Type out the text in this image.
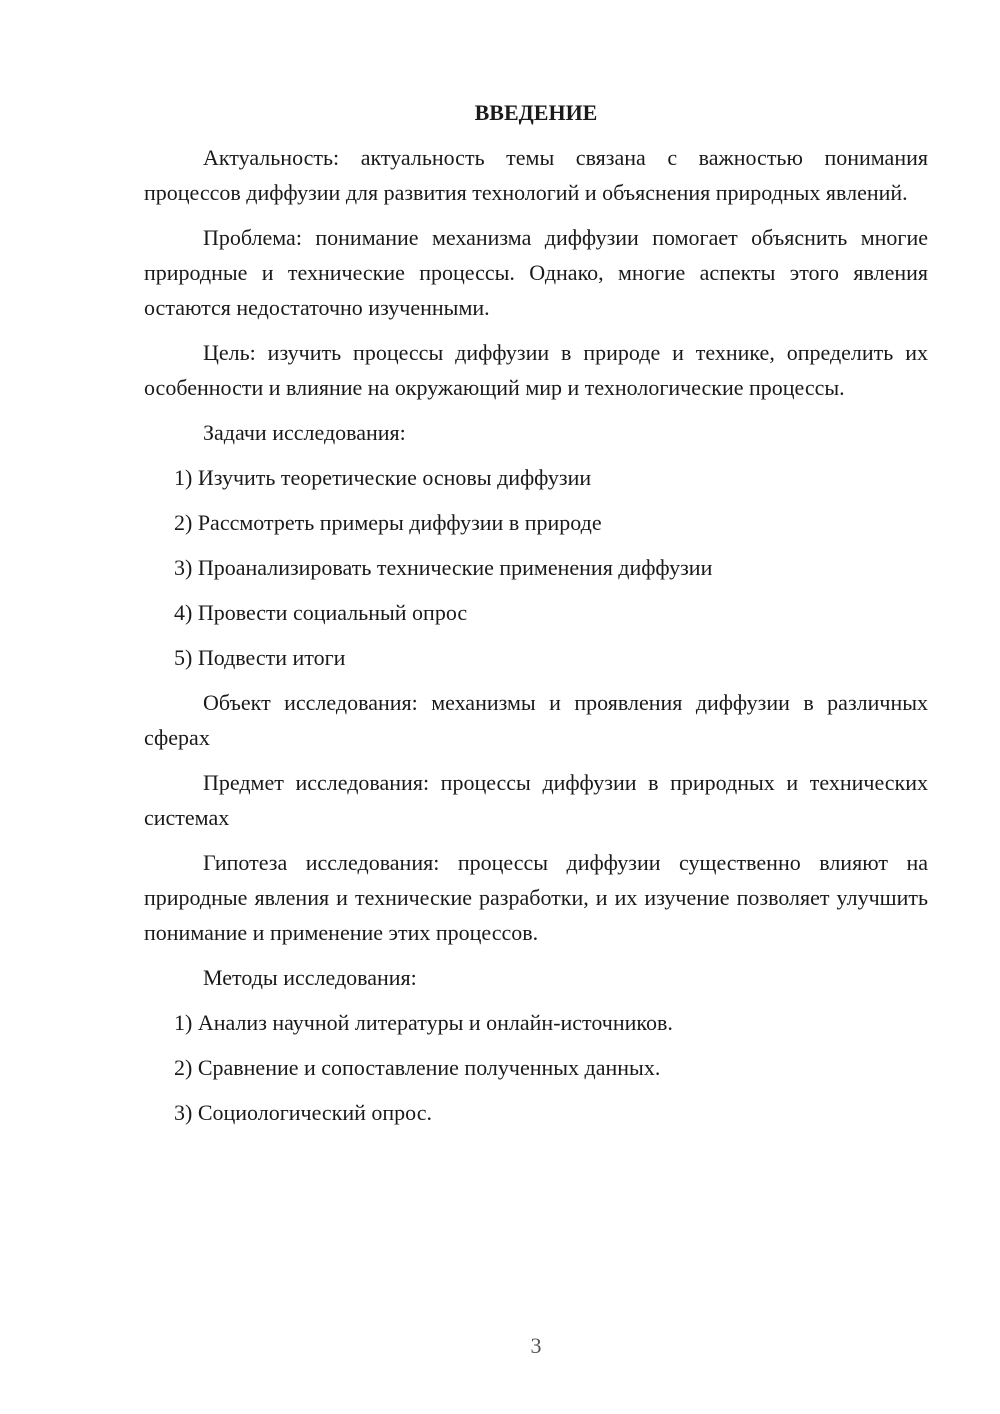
ВВЕДЕНИЕ

Актуальность: актуальность темы связана с важностью понимания процессов диффузии для развития технологий и объяснения природных явлений.

Проблема: понимание механизма диффузии помогает объяснить многие природные и технические процессы. Однако, многие аспекты этого явления остаются недостаточно изученными.

Цель: изучить процессы диффузии в природе и технике, определить их особенности и влияние на окружающий мир и технологические процессы.

Задачи исследования:

1) Изучить теоретические основы диффузии

2) Рассмотреть примеры диффузии в природе

3) Проанализировать технические применения диффузии

4) Провести социальный опрос

5) Подвести итоги

Объект исследования: механизмы и проявления диффузии в различных сферах

Предмет исследования: процессы диффузии в природных и технических системах

Гипотеза исследования: процессы диффузии существенно влияют на природные явления и технические разработки, и их изучение позволяет улучшить понимание и применение этих процессов.

Методы исследования:

1) Анализ научной литературы и онлайн-источников.

2) Сравнение и сопоставление полученных данных.

3) Социологический опрос.

3
